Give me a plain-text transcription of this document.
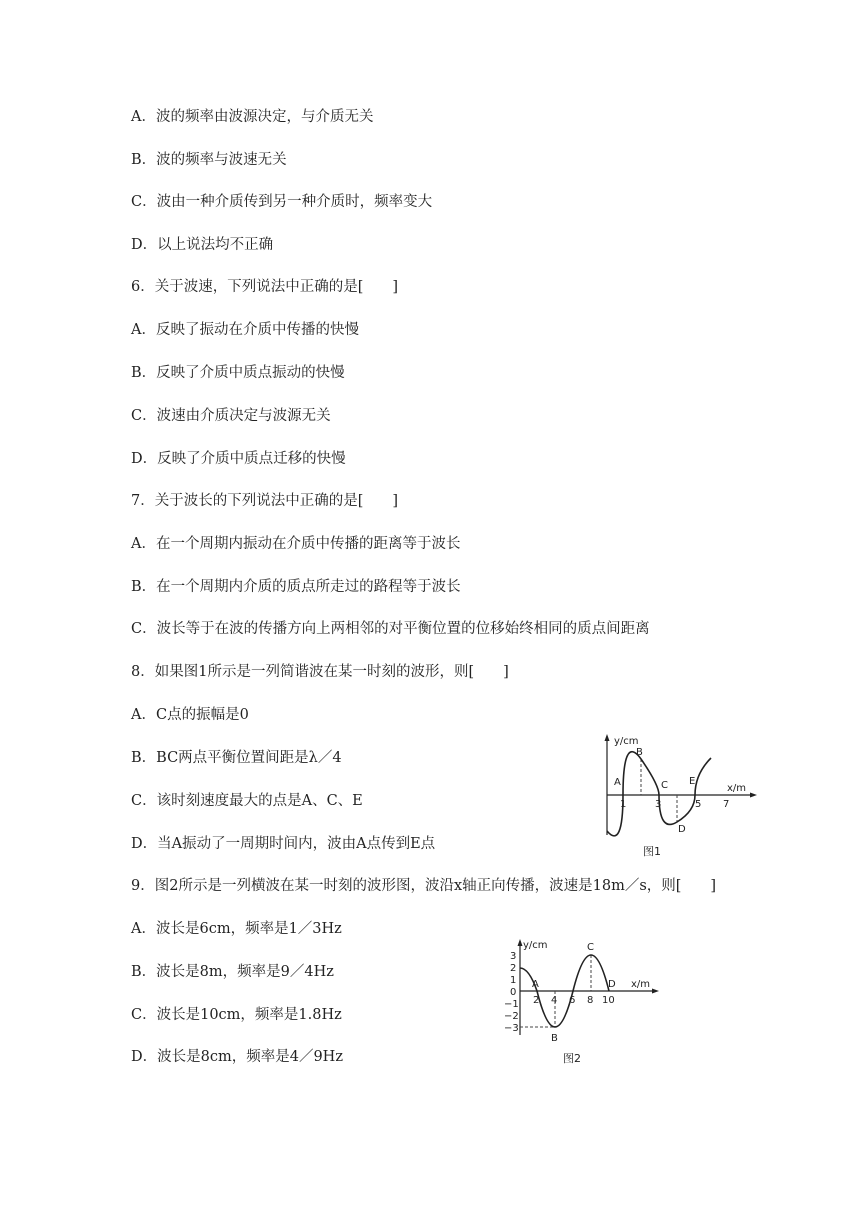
A．波的频率由波源决定，与介质无关
B．波的频率与波速无关
C．波由一种介质传到另一种介质时，频率变大
D．以上说法均不正确
6．关于波速，下列说法中正确的是[　　]
A．反映了振动在介质中传播的快慢
B．反映了介质中质点振动的快慢
C．波速由介质决定与波源无关
D．反映了介质中质点迁移的快慢
7．关于波长的下列说法中正确的是[　　]
A．在一个周期内振动在介质中传播的距离等于波长
B．在一个周期内介质的质点所走过的路程等于波长
C．波长等于在波的传播方向上两相邻的对平衡位置的位移始终相同的质点间距离
8．如果图1所示是一列简谐波在某一时刻的波形，则[　　]
A．C点的振幅是0
B．BC两点平衡位置间距是λ／4
C．该时刻速度最大的点是A、C、E
D．当A振动了一周期时间内，波由A点传到E点
9．图2所示是一列横波在某一时刻的波形图，波沿x轴正向传播，波速是18m／s，则[　　]
A．波长是6cm，频率是1／3Hz
B．波长是8m，频率是9／4Hz
C．波长是10cm，频率是1.8Hz
D．波长是8cm，频率是4／9Hz
y/cm
x/m
1	3	5 7
A
B
C
D
E
图1
y/cm
x/m
3
2
1
0
−1
−2
−3
2 4 6 8 10
A
B
C
D
图2
